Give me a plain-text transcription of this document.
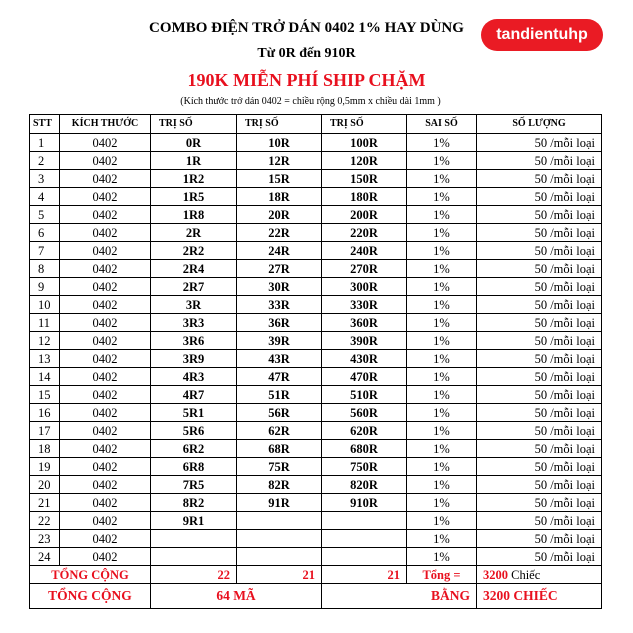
COMBO ĐIỆN TRỞ DÁN 0402 1% HAY DÙNG
Từ 0R đến 910R
190K MIỄN PHÍ SHIP CHẶM
(Kích thước trở dán 0402 = chiều rộng 0,5mm x chiều dài 1mm )
tandientuhp
STT	KÍCH THƯỚC	TRỊ SỐ	TRỊ SỐ	TRỊ SỐ	SAI SỐ	SỐ LƯỢNG
1	0402	0R	10R	100R	1%	50 /mỗi loại
2	0402	1R	12R	120R	1%	50 /mỗi loại
3	0402	1R2	15R	150R	1%	50 /mỗi loại
4	0402	1R5	18R	180R	1%	50 /mỗi loại
5	0402	1R8	20R	200R	1%	50 /mỗi loại
6	0402	2R	22R	220R	1%	50 /mỗi loại
7	0402	2R2	24R	240R	1%	50 /mỗi loại
8	0402	2R4	27R	270R	1%	50 /mỗi loại
9	0402	2R7	30R	300R	1%	50 /mỗi loại
10	0402	3R	33R	330R	1%	50 /mỗi loại
11	0402	3R3	36R	360R	1%	50 /mỗi loại
12	0402	3R6	39R	390R	1%	50 /mỗi loại
13	0402	3R9	43R	430R	1%	50 /mỗi loại
14	0402	4R3	47R	470R	1%	50 /mỗi loại
15	0402	4R7	51R	510R	1%	50 /mỗi loại
16	0402	5R1	56R	560R	1%	50 /mỗi loại
17	0402	5R6	62R	620R	1%	50 /mỗi loại
18	0402	6R2	68R	680R	1%	50 /mỗi loại
19	0402	6R8	75R	750R	1%	50 /mỗi loại
20	0402	7R5	82R	820R	1%	50 /mỗi loại
21	0402	8R2	91R	910R	1%	50 /mỗi loại
22	0402	9R1			1%	50 /mỗi loại
23	0402				1%	50 /mỗi loại
24	0402				1%	50 /mỗi loại
TỔNG CỘNG		22	21	21	Tổng =	3200 Chiếc
TỔNG CỘNG		64 MÃ		BẰNG		3200 CHIẾC
